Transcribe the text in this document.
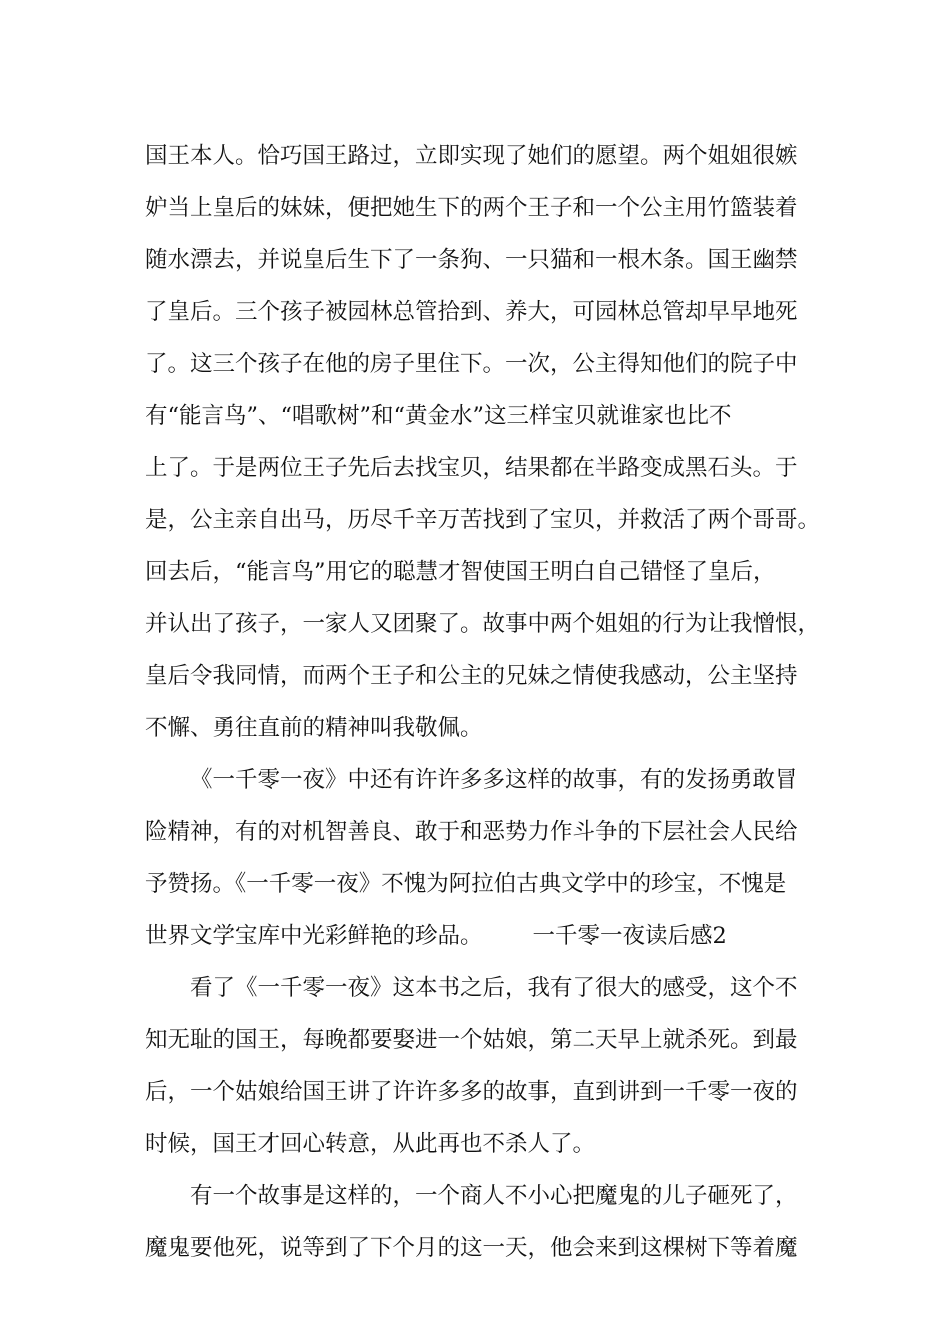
国王本人。恰巧国王路过，立即实现了她们的愿望。两个姐姐很嫉
妒当上皇后的妹妹，便把她生下的两个王子和一个公主用竹篮装着
随水漂去，并说皇后生下了一条狗、一只猫和一根木条。国王幽禁
了皇后。三个孩子被园林总管拾到、养大，可园林总管却早早地死
了。这三个孩子在他的房子里住下。一次，公主得知他们的院子中
有“能言鸟”、“唱歌树”和“黄金水”这三样宝贝就谁家也比不
上了。于是两位王子先后去找宝贝，结果都在半路变成黑石头。于
是，公主亲自出马，历尽千辛万苦找到了宝贝，并救活了两个哥哥。
回去后，“能言鸟”用它的聪慧才智使国王明白自己错怪了皇后，
并认出了孩子，一家人又团聚了。故事中两个姐姐的行为让我憎恨，
皇后令我同情，而两个王子和公主的兄妹之情使我感动，公主坚持
不懈、勇往直前的精神叫我敬佩。
《一千零一夜》中还有许许多多这样的故事，有的发扬勇敢冒
险精神，有的对机智善良、敢于和恶势力作斗争的下层社会人民给
予赞扬。《一千零一夜》不愧为阿拉伯古典文学中的珍宝，不愧是
世界文学宝库中光彩鲜艳的珍品。 一千零一夜读后感2
看了《一千零一夜》这本书之后，我有了很大的感受，这个不
知无耻的国王，每晚都要娶进一个姑娘，第二天早上就杀死。到最
后，一个姑娘给国王讲了许许多多的故事，直到讲到一千零一夜的
时候，国王才回心转意，从此再也不杀人了。
有一个故事是这样的，一个商人不小心把魔鬼的儿子砸死了，
魔鬼要他死，说等到了下个月的这一天，他会来到这棵树下等着魔
